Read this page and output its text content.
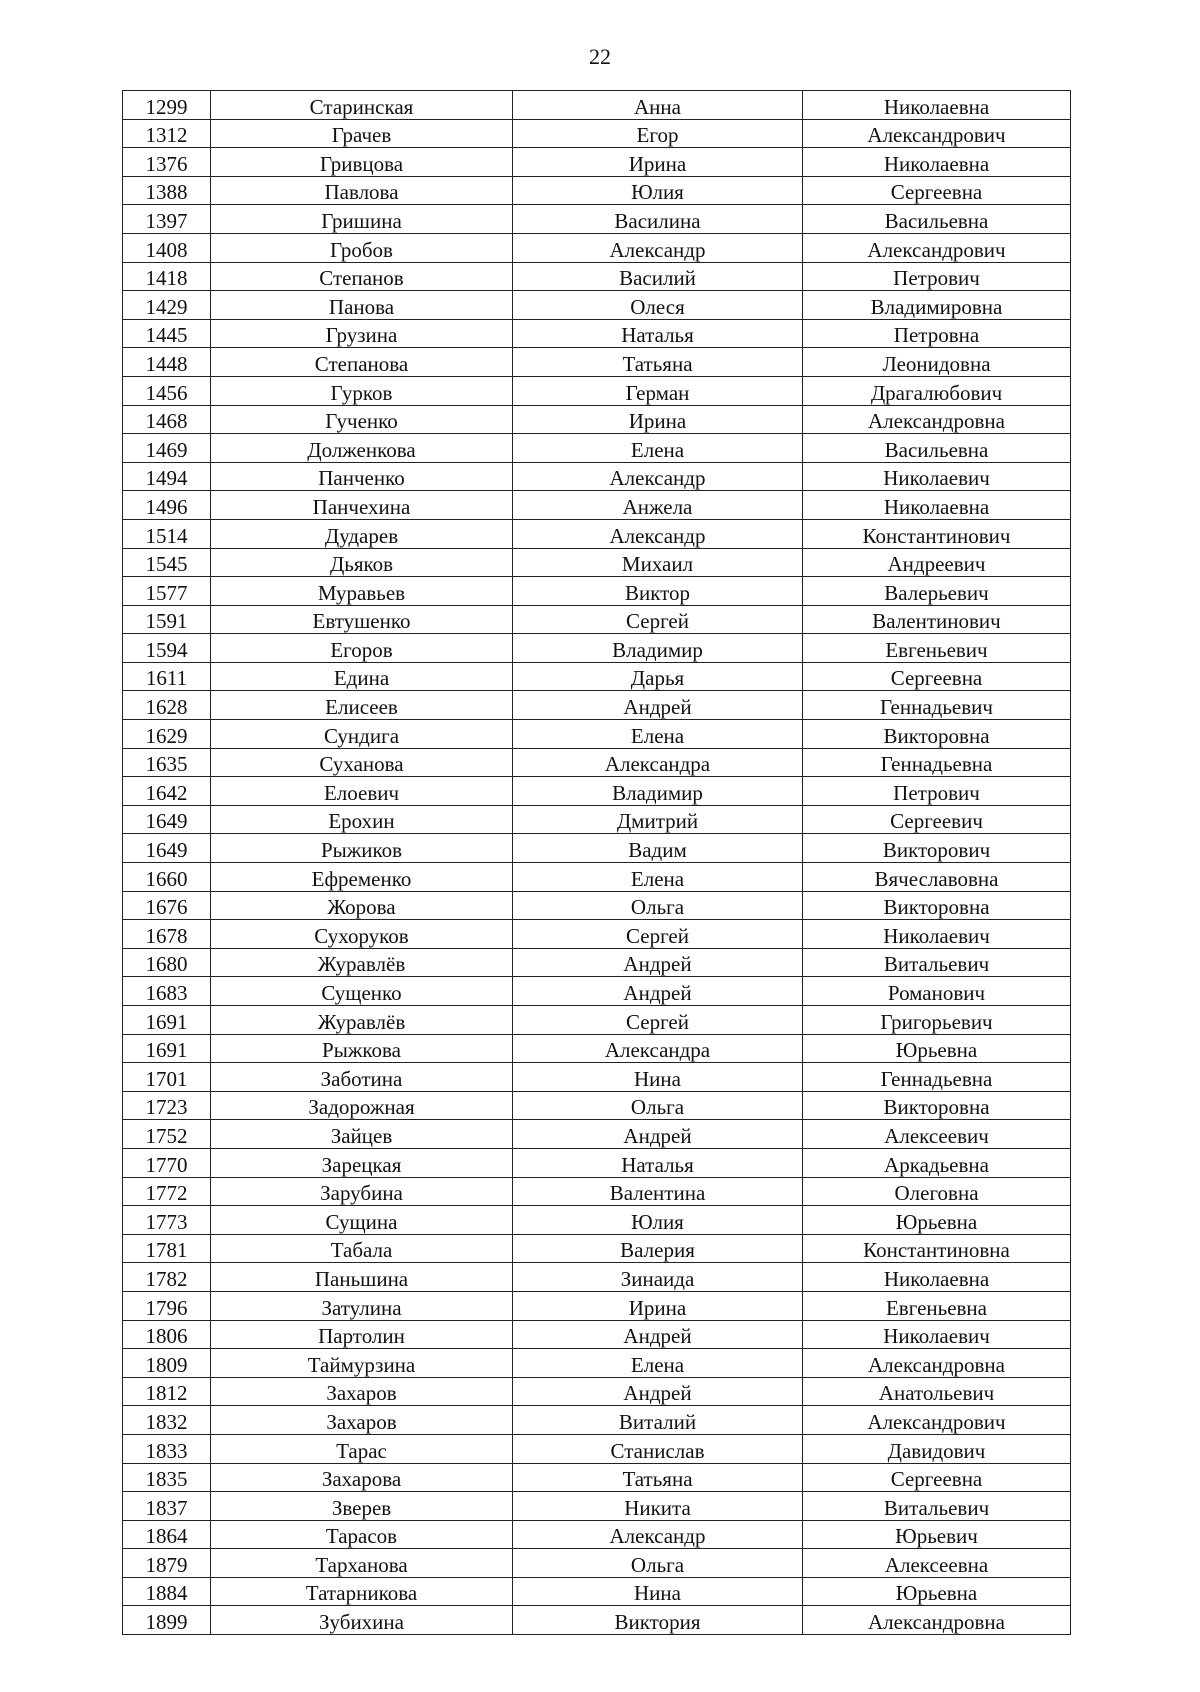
22
1299	Старинская	Анна	Николаевна
1312	Грачев	Егор	Александрович
1376	Гривцова	Ирина	Николаевна
1388	Павлова	Юлия	Сергеевна
1397	Гришина	Василина	Васильевна
1408	Гробов	Александр	Александрович
1418	Степанов	Василий	Петрович
1429	Панова	Олеся	Владимировна
1445	Грузина	Наталья	Петровна
1448	Степанова	Татьяна	Леонидовна
1456	Гурков	Герман	Драгалюбович
1468	Гученко	Ирина	Александровна
1469	Долженкова	Елена	Васильевна
1494	Панченко	Александр	Николаевич
1496	Панчехина	Анжела	Николаевна
1514	Дударев	Александр	Константинович
1545	Дьяков	Михаил	Андреевич
1577	Муравьев	Виктор	Валерьевич
1591	Евтушенко	Сергей	Валентинович
1594	Егоров	Владимир	Евгеньевич
1611	Едина	Дарья	Сергеевна
1628	Елисеев	Андрей	Геннадьевич
1629	Сундига	Елена	Викторовна
1635	Суханова	Александра	Геннадьевна
1642	Елоевич	Владимир	Петрович
1649	Ерохин	Дмитрий	Сергеевич
1649	Рыжиков	Вадим	Викторович
1660	Ефременко	Елена	Вячеславовна
1676	Жорова	Ольга	Викторовна
1678	Сухоруков	Сергей	Николаевич
1680	Журавлёв	Андрей	Витальевич
1683	Сущенко	Андрей	Романович
1691	Журавлёв	Сергей	Григорьевич
1691	Рыжкова	Александра	Юрьевна
1701	Заботина	Нина	Геннадьевна
1723	Задорожная	Ольга	Викторовна
1752	Зайцев	Андрей	Алексеевич
1770	Зарецкая	Наталья	Аркадьевна
1772	Зарубина	Валентина	Олеговна
1773	Сущина	Юлия	Юрьевна
1781	Табала	Валерия	Константиновна
1782	Паньшина	Зинаида	Николаевна
1796	Затулина	Ирина	Евгеньевна
1806	Партолин	Андрей	Николаевич
1809	Таймурзина	Елена	Александровна
1812	Захаров	Андрей	Анатольевич
1832	Захаров	Виталий	Александрович
1833	Тарас	Станислав	Давидович
1835	Захарова	Татьяна	Сергеевна
1837	Зверев	Никита	Витальевич
1864	Тарасов	Александр	Юрьевич
1879	Тарханова	Ольга	Алексеевна
1884	Татарникова	Нина	Юрьевна
1899	Зубихина	Виктория	Александровна
